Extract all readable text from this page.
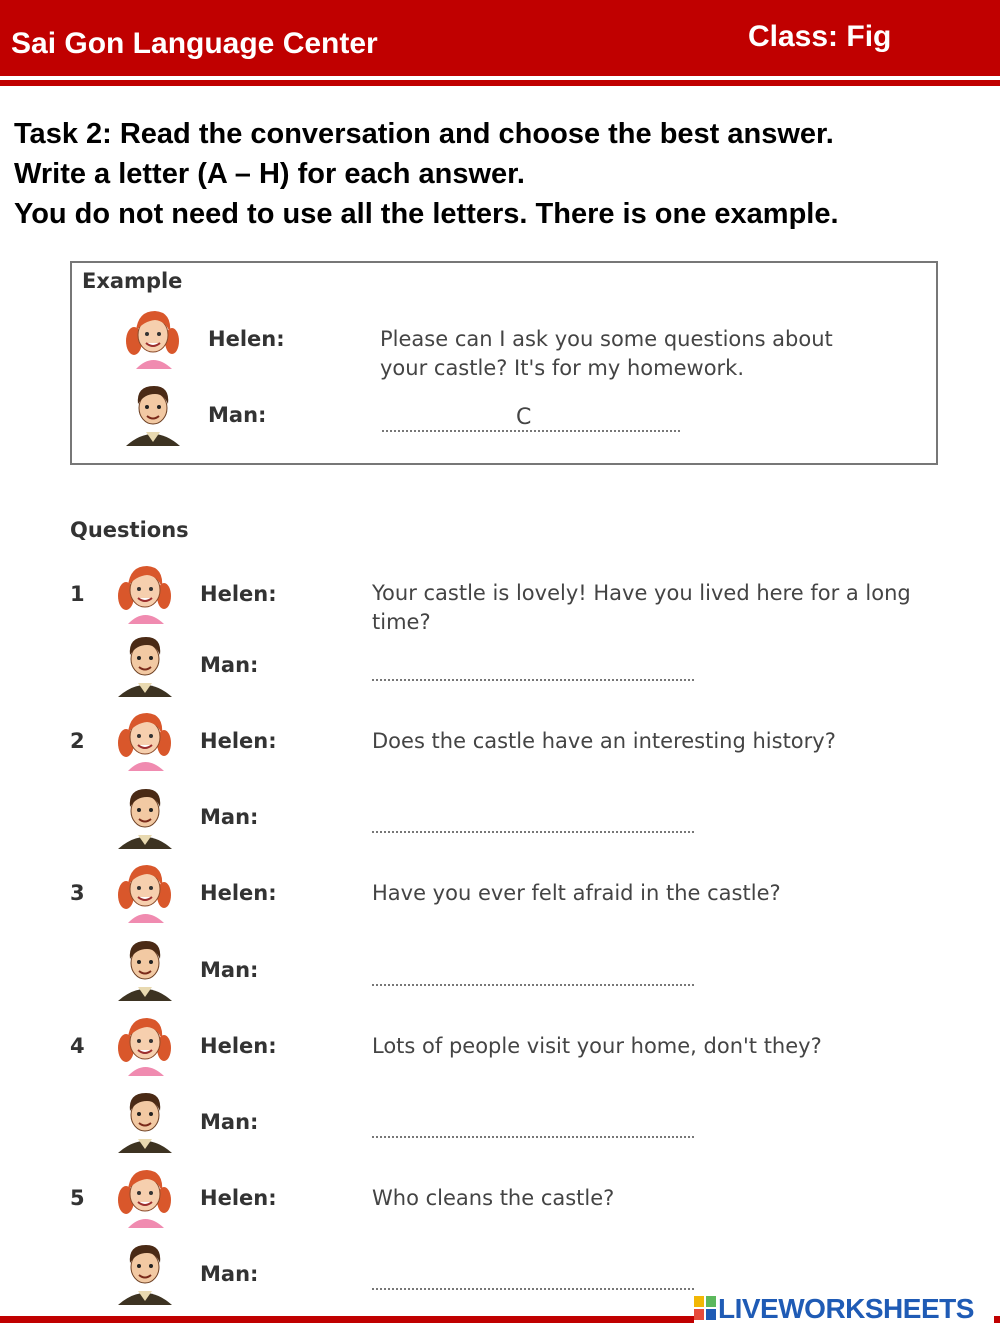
Sai Gon Language Center	Class: Fig
Task 2: Read the conversation and choose the best answer.
Write a letter (A – H) for each answer.
You do not need to use all the letters. There is one example.
Example
Helen:	Please can I ask you some questions about your castle? It's for my homework.
Man:	C
Questions
1	Helen:	Your castle is lovely! Have you lived here for a long time?
Man:
2	Helen:	Does the castle have an interesting history?
Man:
3	Helen:	Have you ever felt afraid in the castle?
Man:
4	Helen:	Lots of people visit your home, don't they?
Man:
5	Helen:	Who cleans the castle?
Man:
LIVEWORKSHEETS
